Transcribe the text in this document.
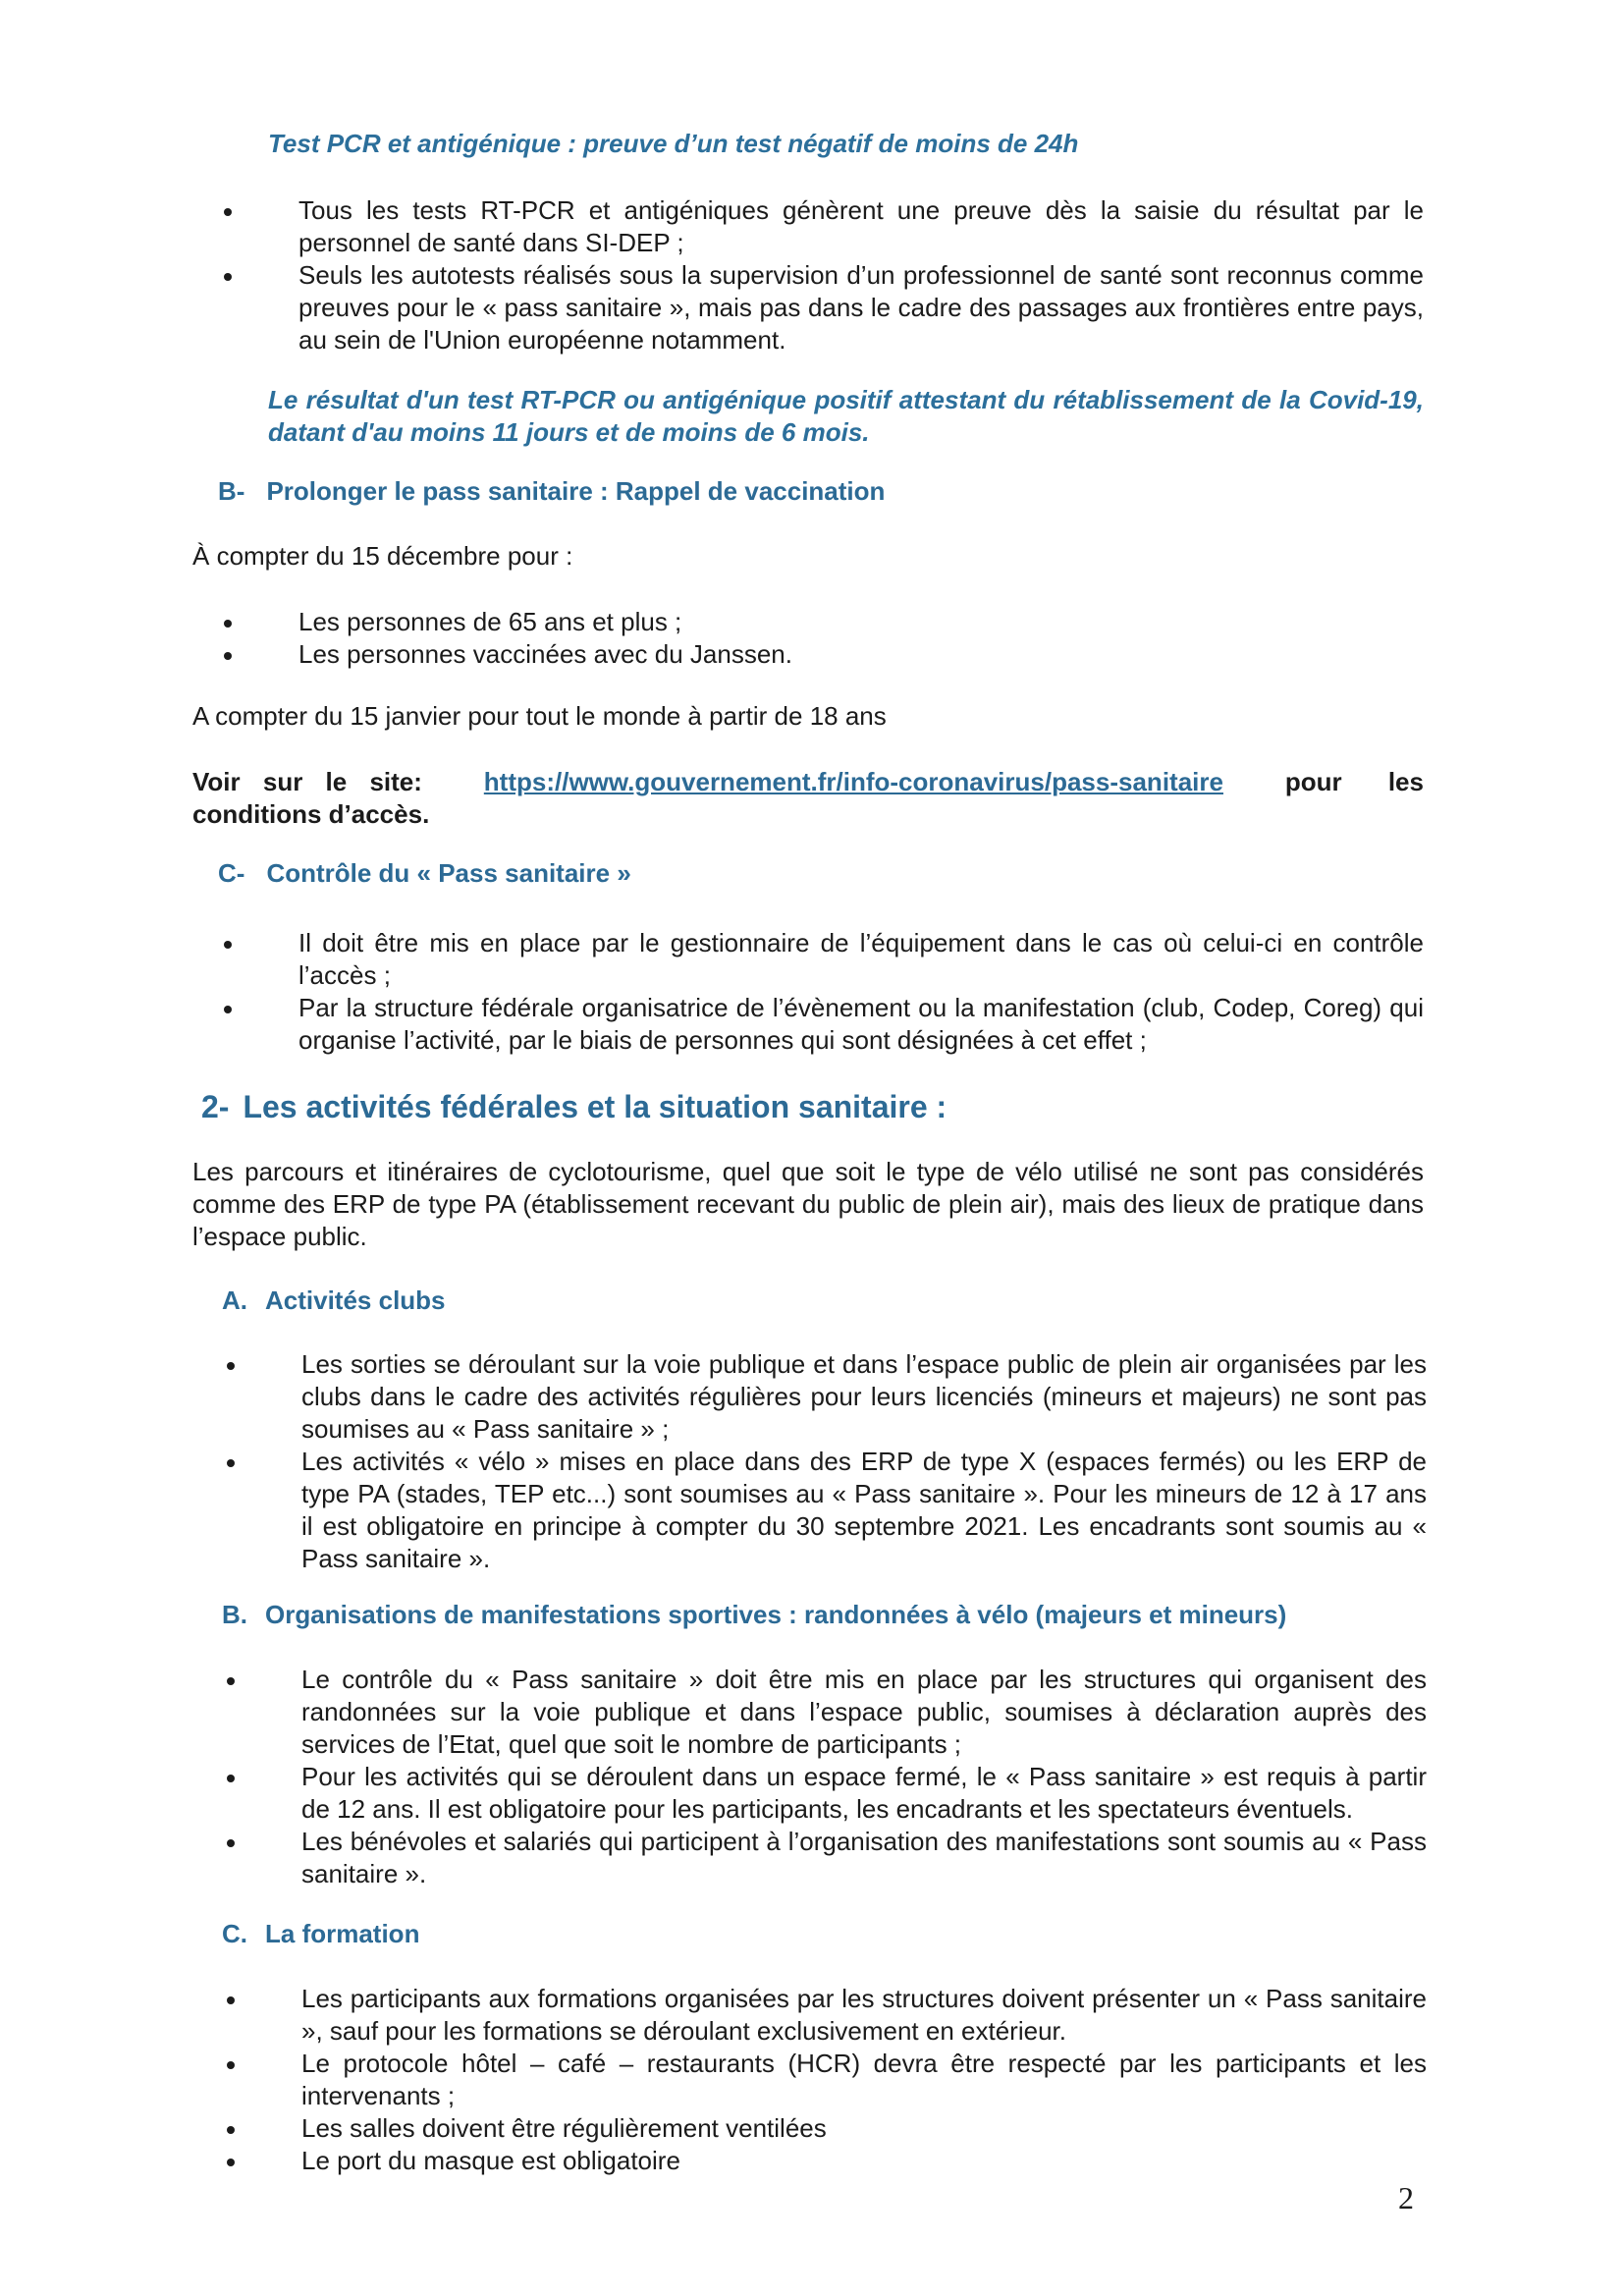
Test PCR et antigénique : preuve d’un test négatif de moins de 24h

Tous les tests RT-PCR et antigéniques génèrent une preuve dès la saisie du résultat par le personnel de santé dans SI-DEP ;
Seuls les autotests réalisés sous la supervision d’un professionnel de santé sont reconnus comme preuves pour le « pass sanitaire », mais pas dans le cadre des passages aux frontières entre pays, au sein de l'Union européenne notamment.

Le résultat d'un test RT-PCR ou antigénique positif attestant du rétablissement de la Covid-19, datant d'au moins 11 jours et de moins de 6 mois.

B- Prolonger le pass sanitaire : Rappel de vaccination

À compter du 15 décembre pour :

Les personnes de 65 ans et plus ;
Les personnes vaccinées avec du Janssen.

A compter du 15 janvier pour tout le monde à partir de 18 ans

Voir sur le site: https://www.gouvernement.fr/info-coronavirus/pass-sanitaire pour les

conditions d’accès.

C- Contrôle du « Pass sanitaire »

Il doit être mis en place par le gestionnaire de l’équipement dans le cas où celui-ci en contrôle l’accès ;
Par la structure fédérale organisatrice de l’évènement ou la manifestation (club, Codep, Coreg) qui organise l’activité, par le biais de personnes qui sont désignées à cet effet ;

2- Les activités fédérales et la situation sanitaire :

Les parcours et itinéraires de cyclotourisme, quel que soit le type de vélo utilisé ne sont pas considérés comme des ERP de type PA (établissement recevant du public de plein air), mais des lieux de pratique dans l’espace public.

A. Activités clubs

Les sorties se déroulant sur la voie publique et dans l’espace public de plein air organisées par les clubs dans le cadre des activités régulières pour leurs licenciés (mineurs et majeurs) ne sont pas soumises au « Pass sanitaire » ;
Les activités « vélo » mises en place dans des ERP de type X (espaces fermés) ou les ERP de type PA (stades, TEP etc...) sont soumises au « Pass sanitaire ». Pour les mineurs de 12 à 17 ans il est obligatoire en principe à compter du 30 septembre 2021. Les encadrants sont soumis au « Pass sanitaire ».

B. Organisations de manifestations sportives : randonnées à vélo (majeurs et mineurs)

Le contrôle du « Pass sanitaire » doit être mis en place par les structures qui organisent des randonnées sur la voie publique et dans l’espace public, soumises à déclaration auprès des services de l’Etat, quel que soit le nombre de participants ;
Pour les activités qui se déroulent dans un espace fermé, le « Pass sanitaire » est requis à partir de 12 ans. Il est obligatoire pour les participants, les encadrants et les spectateurs éventuels.
Les bénévoles et salariés qui participent à l’organisation des manifestations sont soumis au « Pass sanitaire ».

C. La formation

Les participants aux formations organisées par les structures doivent présenter un « Pass sanitaire », sauf pour les formations se déroulant exclusivement en extérieur.
Le protocole hôtel – café – restaurants (HCR) devra être respecté par les participants et les intervenants ;
Les salles doivent être régulièrement ventilées
Le port du masque est obligatoire

2
